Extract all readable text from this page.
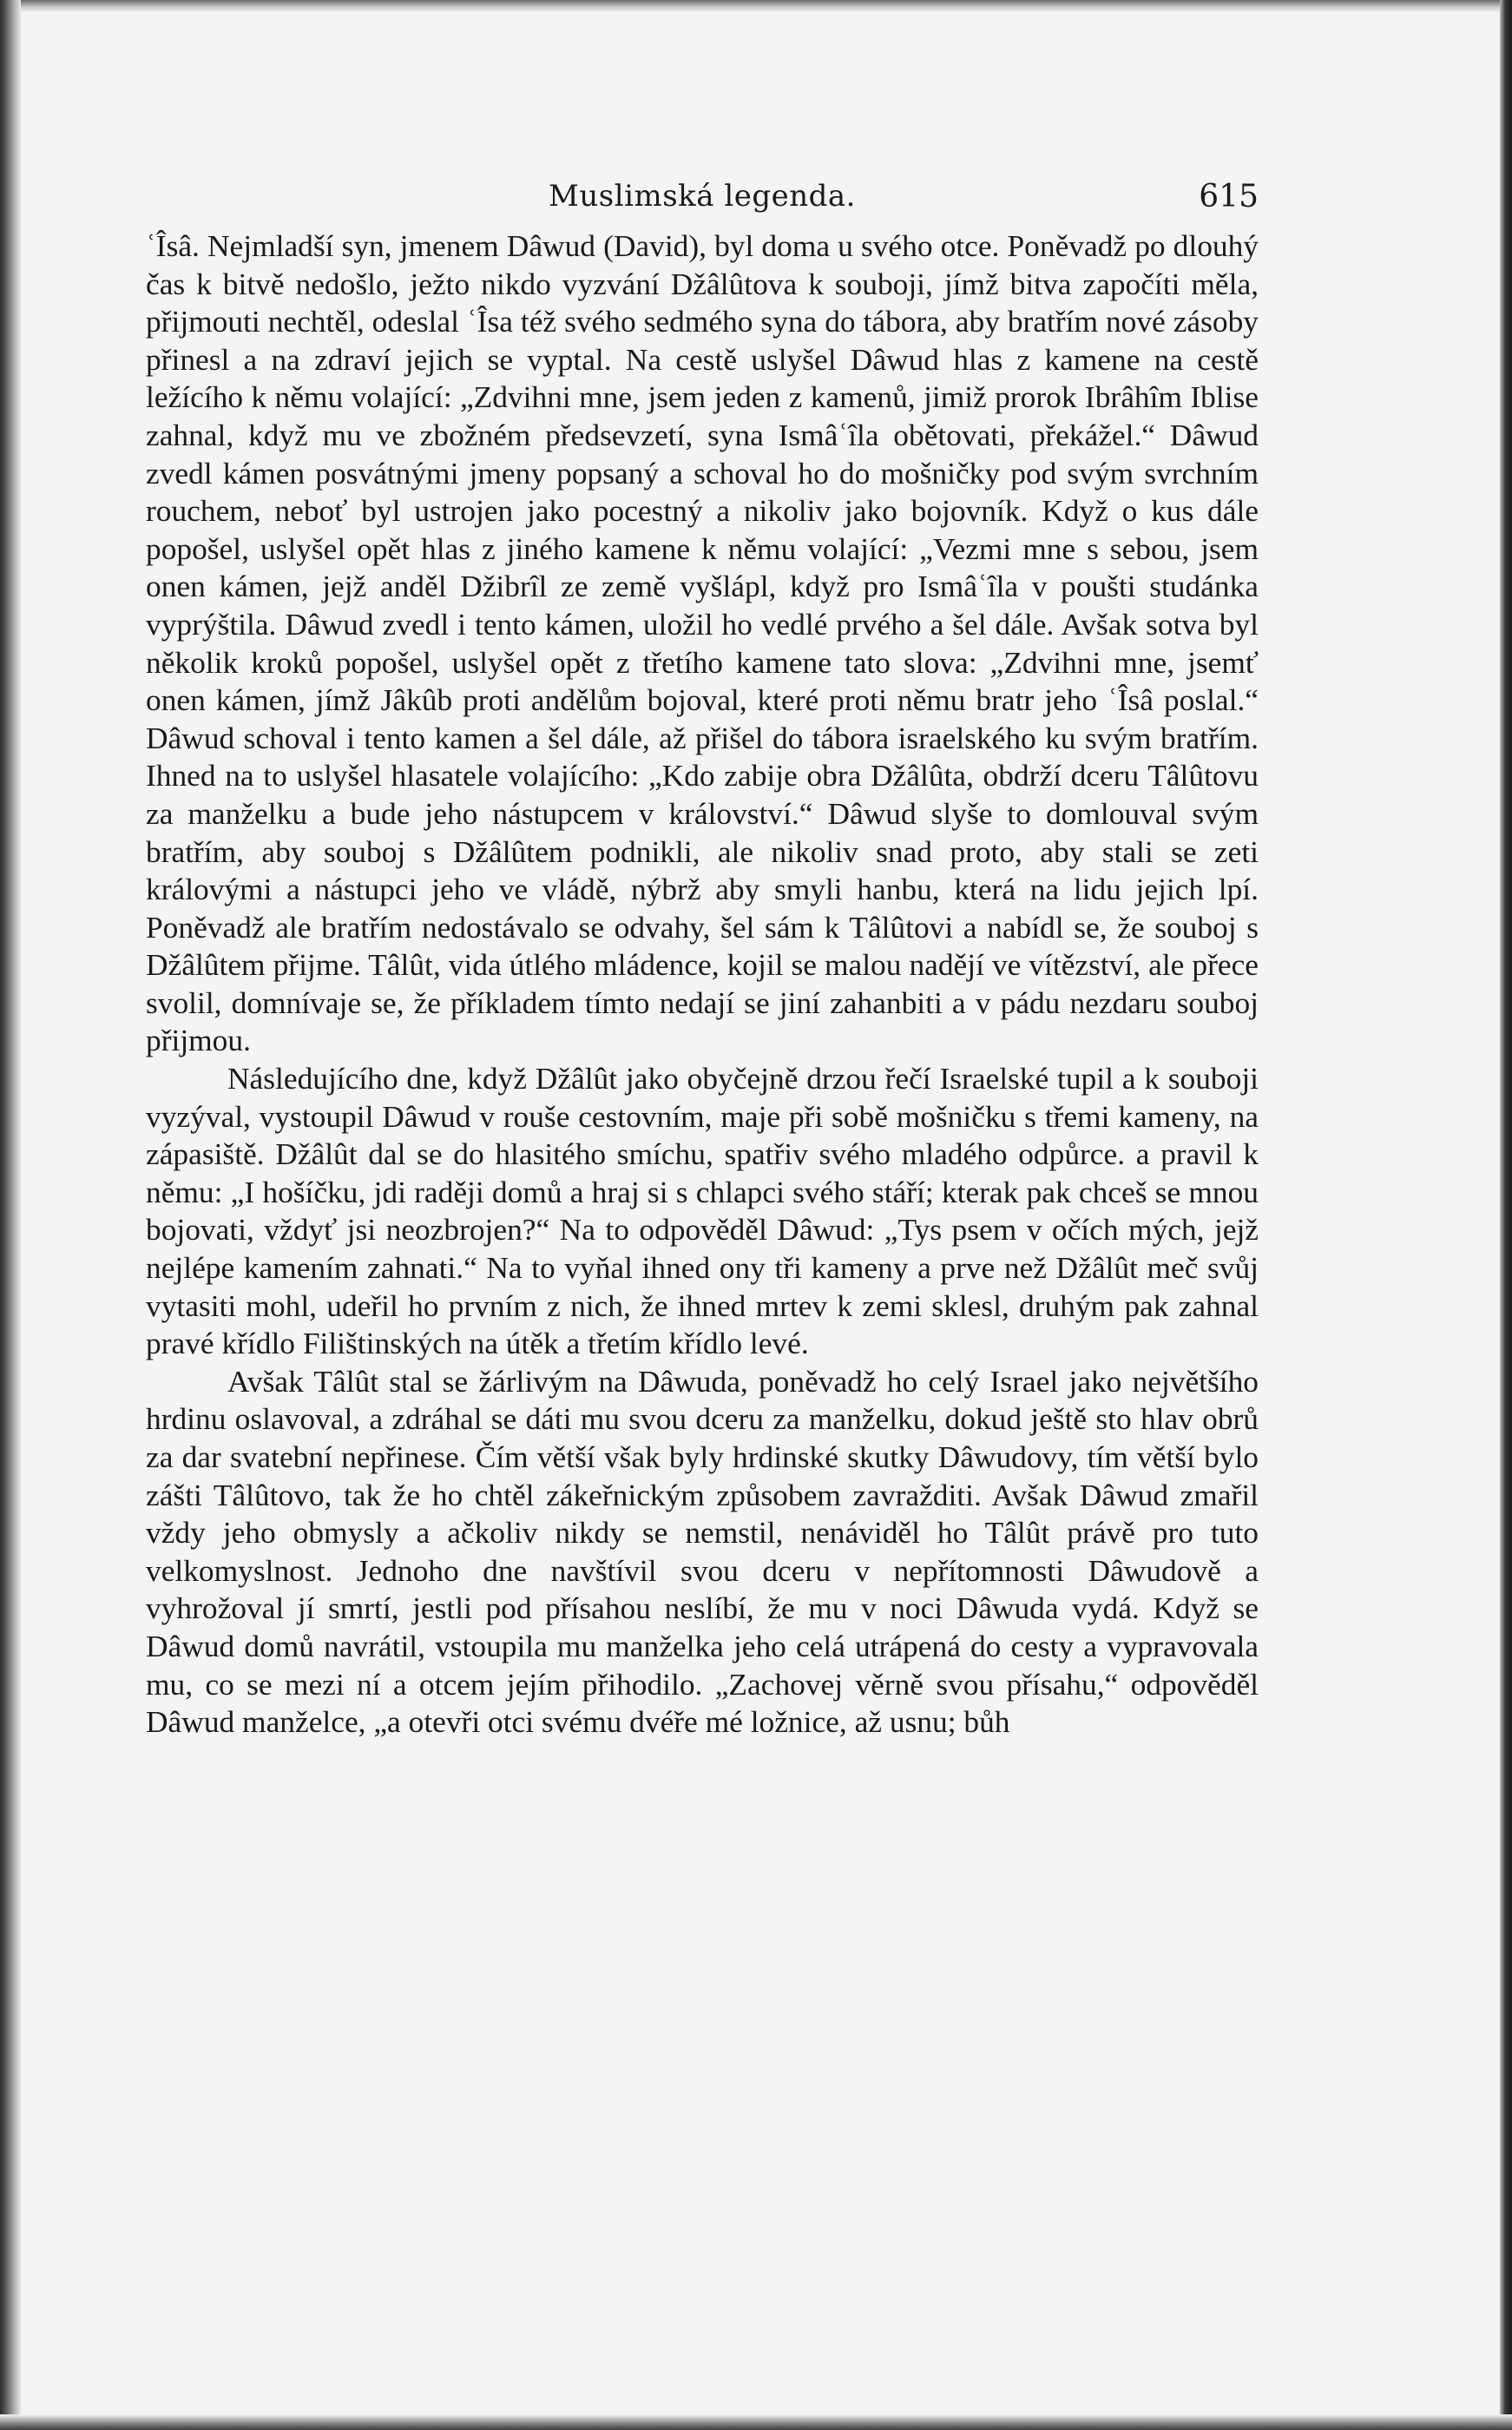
Muslimská legenda.	615

ʿÎsâ. Nejmladší syn, jmenem Dâwud (David), byl doma u svého otce. Poněvadž po dlouhý čas k bitvě nedošlo, ježto nikdo vyzvání Džâlûtova k souboji, jímž bitva započíti měla, přijmouti nechtěl, odeslal ʿÎsa též svého sedmého syna do tábora, aby bratřím nové zásoby přinesl a na zdraví jejich se vyptal. Na cestě uslyšel Dâwud hlas z kamene na cestě ležícího k němu volající: „Zdvihni mne, jsem jeden z kamenů, jimiž prorok Ibrâhîm Iblise zahnal, když mu ve zbožném předsevzetí, syna Ismâʿîla obětovati, překážel.“ Dâwud zvedl kámen posvátnými jmeny popsaný a schoval ho do mošničky pod svým svrchním rouchem, neboť byl ustrojen jako pocestný a nikoliv jako bojovník. Když o kus dále popošel, uslyšel opět hlas z jiného kamene k němu volající: „Vezmi mne s sebou, jsem onen kámen, jejž anděl Džibrîl ze země vyšlápl, když pro Ismâʿîla v poušti studánka vyprýštila. Dâwud zvedl i tento kámen, uložil ho vedlé prvého a šel dále. Avšak sotva byl několik kroků popošel, uslyšel opět z třetího kamene tato slova: „Zdvihni mne, jsemť onen kámen, jímž Jâkûb proti andělům bojoval, které proti němu bratr jeho ʿÎsâ poslal.“ Dâwud schoval i tento kamen a šel dále, až přišel do tábora israelského ku svým bratřím. Ihned na to uslyšel hlasatele volajícího: „Kdo zabije obra Džâlûta, obdrží dceru Tâlûtovu za manželku a bude jeho nástupcem v království.“ Dâwud slyše to domlouval svým bratřím, aby souboj s Džâlûtem podnikli, ale nikoliv snad proto, aby stali se zeti královými a nástupci jeho ve vládě, nýbrž aby smyli hanbu, která na lidu jejich lpí. Poněvadž ale bratřím nedostávalo se odvahy, šel sám k Tâlûtovi a nabídl se, že souboj s Džâlûtem přijme. Tâlût, vida útlého mládence, kojil se malou nadějí ve vítězství, ale přece svolil, domnívaje se, že příkladem tímto nedají se jiní zahanbiti a v pádu nezdaru souboj přijmou.

Následujícího dne, když Džâlût jako obyčejně drzou řečí Israelské tupil a k souboji vyzýval, vystoupil Dâwud v rouše cestovním, maje při sobě mošničku s třemi kameny, na zápasiště. Džâlût dal se do hlasitého smíchu, spatřiv svého mladého odpůrce. a pravil k němu: „I hošíčku, jdi raději domů a hraj si s chlapci svého stáří; kterak pak chceš se mnou bojovati, vždyť jsi neozbrojen?“ Na to odpověděl Dâwud: „Tys psem v očích mých, jejž nejlépe kamením zahnati.“ Na to vyňal ihned ony tři kameny a prve než Džâlût meč svůj vytasiti mohl, udeřil ho prvním z nich, že ihned mrtev k zemi sklesl, druhým pak zahnal pravé křídlo Filištinských na útěk a třetím křídlo levé.

Avšak Tâlût stal se žárlivým na Dâwuda, poněvadž ho celý Israel jako největšího hrdinu oslavoval, a zdráhal se dáti mu svou dceru za manželku, dokud ještě sto hlav obrů za dar svatební nepřinese. Čím větší však byly hrdinské skutky Dâwudovy, tím větší bylo zášti Tâlûtovo, tak že ho chtěl zákeřnickým způsobem zavražditi. Avšak Dâwud zmařil vždy jeho obmysly a ačkoliv nikdy se nemstil, nenáviděl ho Tâlût právě pro tuto velkomyslnost. Jednoho dne navštívil svou dceru v nepřítomnosti Dâwudově a vyhrožoval jí smrtí, jestli pod přísahou neslíbí, že mu v noci Dâwuda vydá. Když se Dâwud domů navrátil, vstoupila mu manželka jeho celá utrápená do cesty a vypravovala mu, co se mezi ní a otcem jejím přihodilo. „Zachovej věrně svou přísahu,“ odpověděl Dâwud manželce, „a otevři otci svému dvéře mé ložnice, až usnu; bůh
